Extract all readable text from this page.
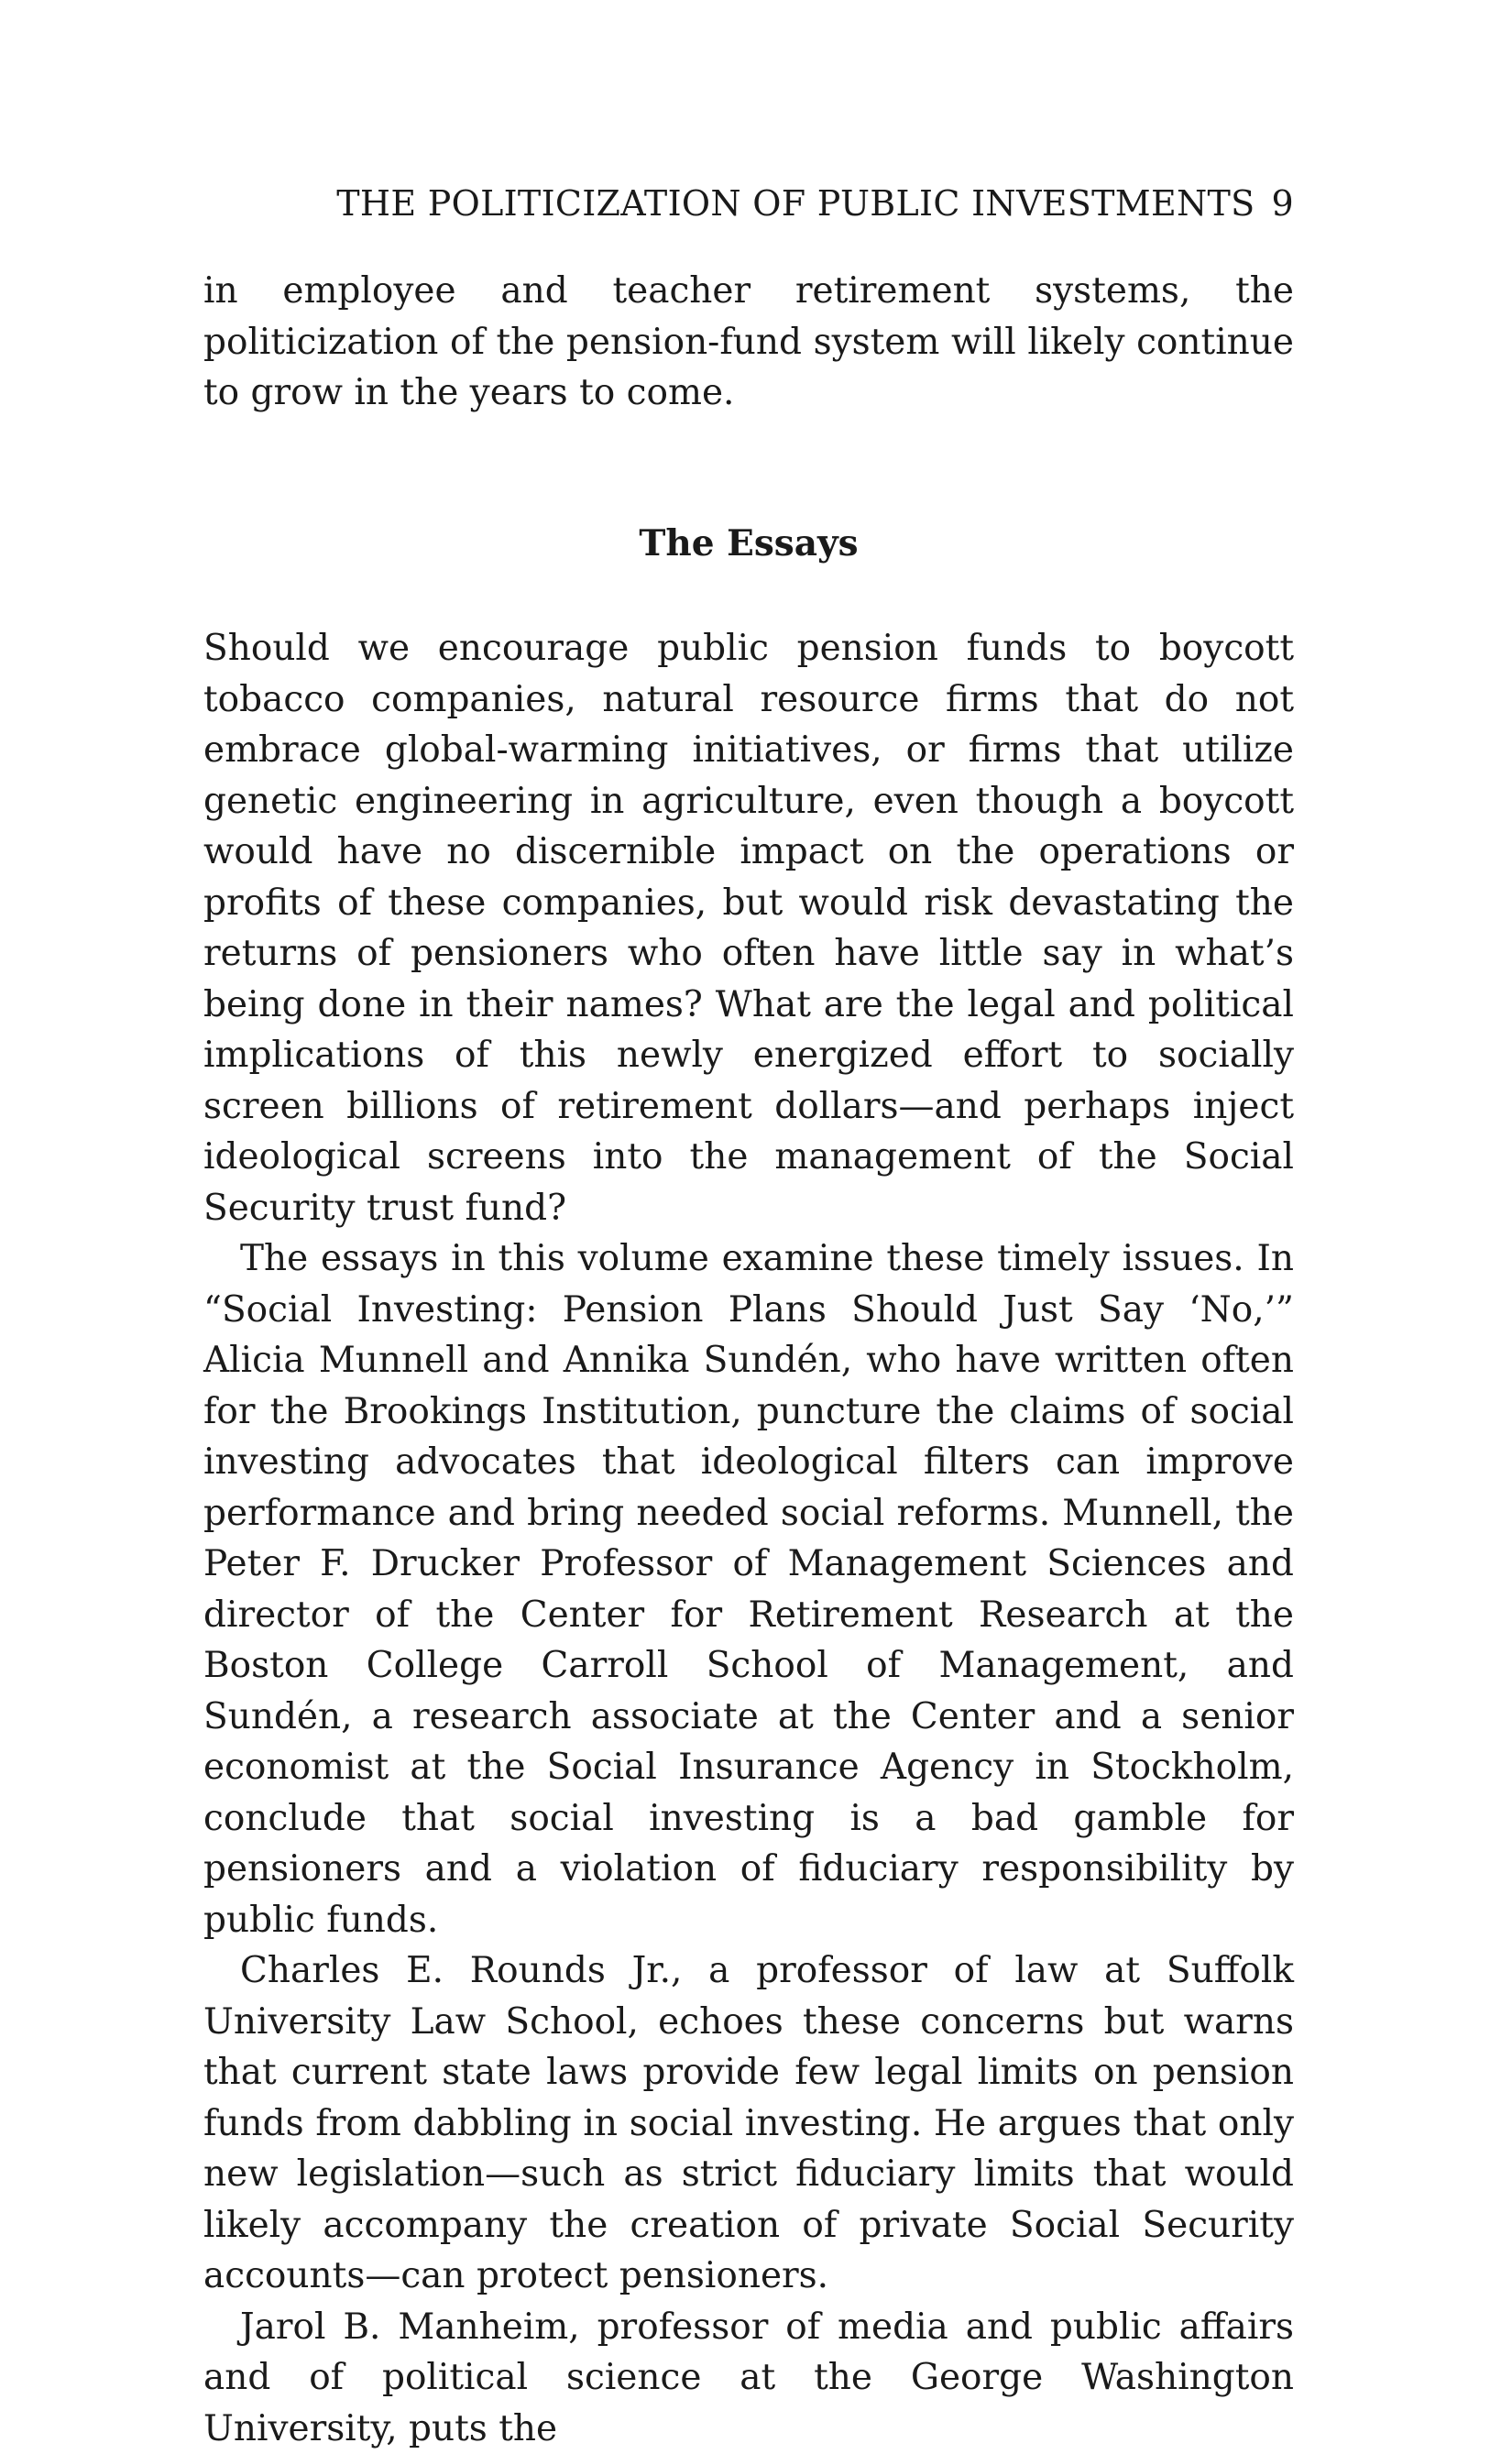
THE POLITICIZATION OF PUBLIC INVESTMENTS 9

in employee and teacher retirement systems, the politicization of the pension-fund system will likely continue to grow in the years to come.

The Essays

Should we encourage public pension funds to boycott tobacco companies, natural resource firms that do not embrace global-warming initiatives, or firms that utilize genetic engineering in agriculture, even though a boycott would have no discernible impact on the operations or profits of these companies, but would risk devastating the returns of pensioners who often have little say in what’s being done in their names? What are the legal and political implications of this newly energized effort to socially screen billions of retirement dollars—and perhaps inject ideological screens into the management of the Social Security trust fund?

The essays in this volume examine these timely issues. In “Social Investing: Pension Plans Should Just Say ‘No,’” Alicia Munnell and Annika Sundén, who have written often for the Brookings Institution, puncture the claims of social investing advocates that ideological filters can improve performance and bring needed social reforms. Munnell, the Peter F. Drucker Professor of Management Sciences and director of the Center for Retirement Research at the Boston College Carroll School of Management, and Sundén, a research associate at the Center and a senior economist at the Social Insurance Agency in Stockholm, conclude that social investing is a bad gamble for pensioners and a violation of fiduciary responsibility by public funds.

Charles E. Rounds Jr., a professor of law at Suffolk University Law School, echoes these concerns but warns that current state laws provide few legal limits on pension funds from dabbling in social investing. He argues that only new legislation—such as strict fiduciary limits that would likely accompany the creation of private Social Security accounts—can protect pensioners.

Jarol B. Manheim, professor of media and public affairs and of political science at the George Washington University, puts the
